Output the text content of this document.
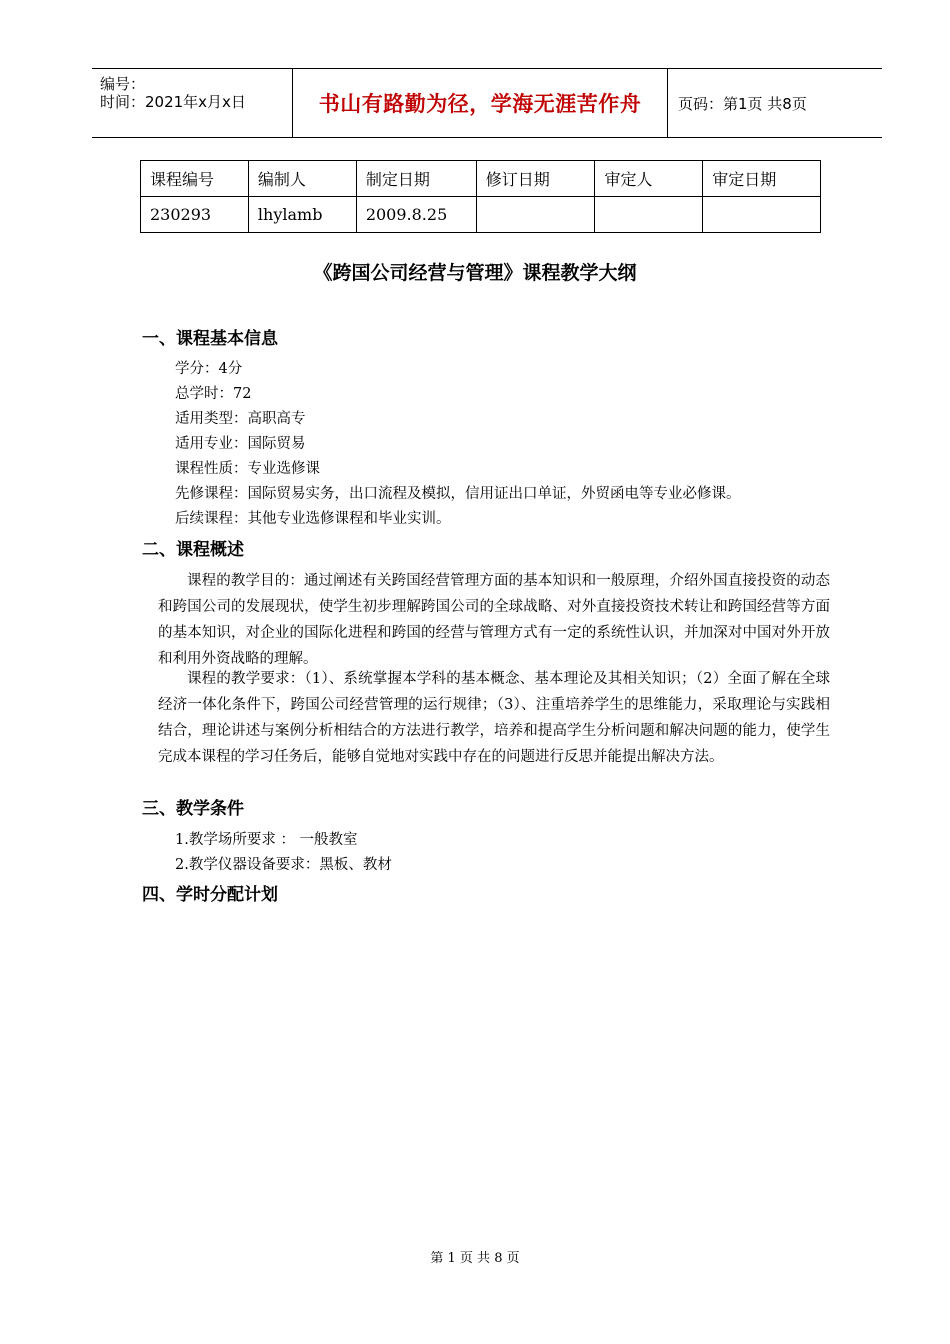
编号：
时间：2021年x月x日	书山有路勤为径，学海无涯苦作舟 页码：第1页 共8页
课程编号	编制人	制定日期	修订日期	审定人	审定日期
230293	lhylamb	2009.8.25			
《跨国公司经营与管理》课程教学大纲
一、课程基本信息
学分：4分
总学时：72
适用类型：高职高专
适用专业：国际贸易
课程性质：专业选修课
先修课程：国际贸易实务，出口流程及模拟，信用证出口单证，外贸函电等专业必修课。
后续课程：其他专业选修课程和毕业实训。
二、课程概述
课程的教学目的：通过阐述有关跨国经营管理方面的基本知识和一般原理，介绍外国直接投资的动态和跨国公司的发展现状，使学生初步理解跨国公司的全球战略、对外直接投资技术转让和跨国经营等方面的基本知识，对企业的国际化进程和跨国的经营与管理方式有一定的系统性认识，并加深对中国对外开放和利用外资战略的理解。
课程的教学要求：（1）、系统掌握本学科的基本概念、基本理论及其相关知识；（2）全面了解在全球经济一体化条件下，跨国公司经营管理的运行规律；（3）、注重培养学生的思维能力，采取理论与实践相结合，理论讲述与案例分析相结合的方法进行教学，培养和提高学生分析问题和解决问题的能力，使学生完成本课程的学习任务后，能够自觉地对实践中存在的问题进行反思并能提出解决方法。
三、教学条件
1.教学场所要求 ： 一般教室
2.教学仪器设备要求：黑板、教材
四、学时分配计划
第 1 页 共 8 页
